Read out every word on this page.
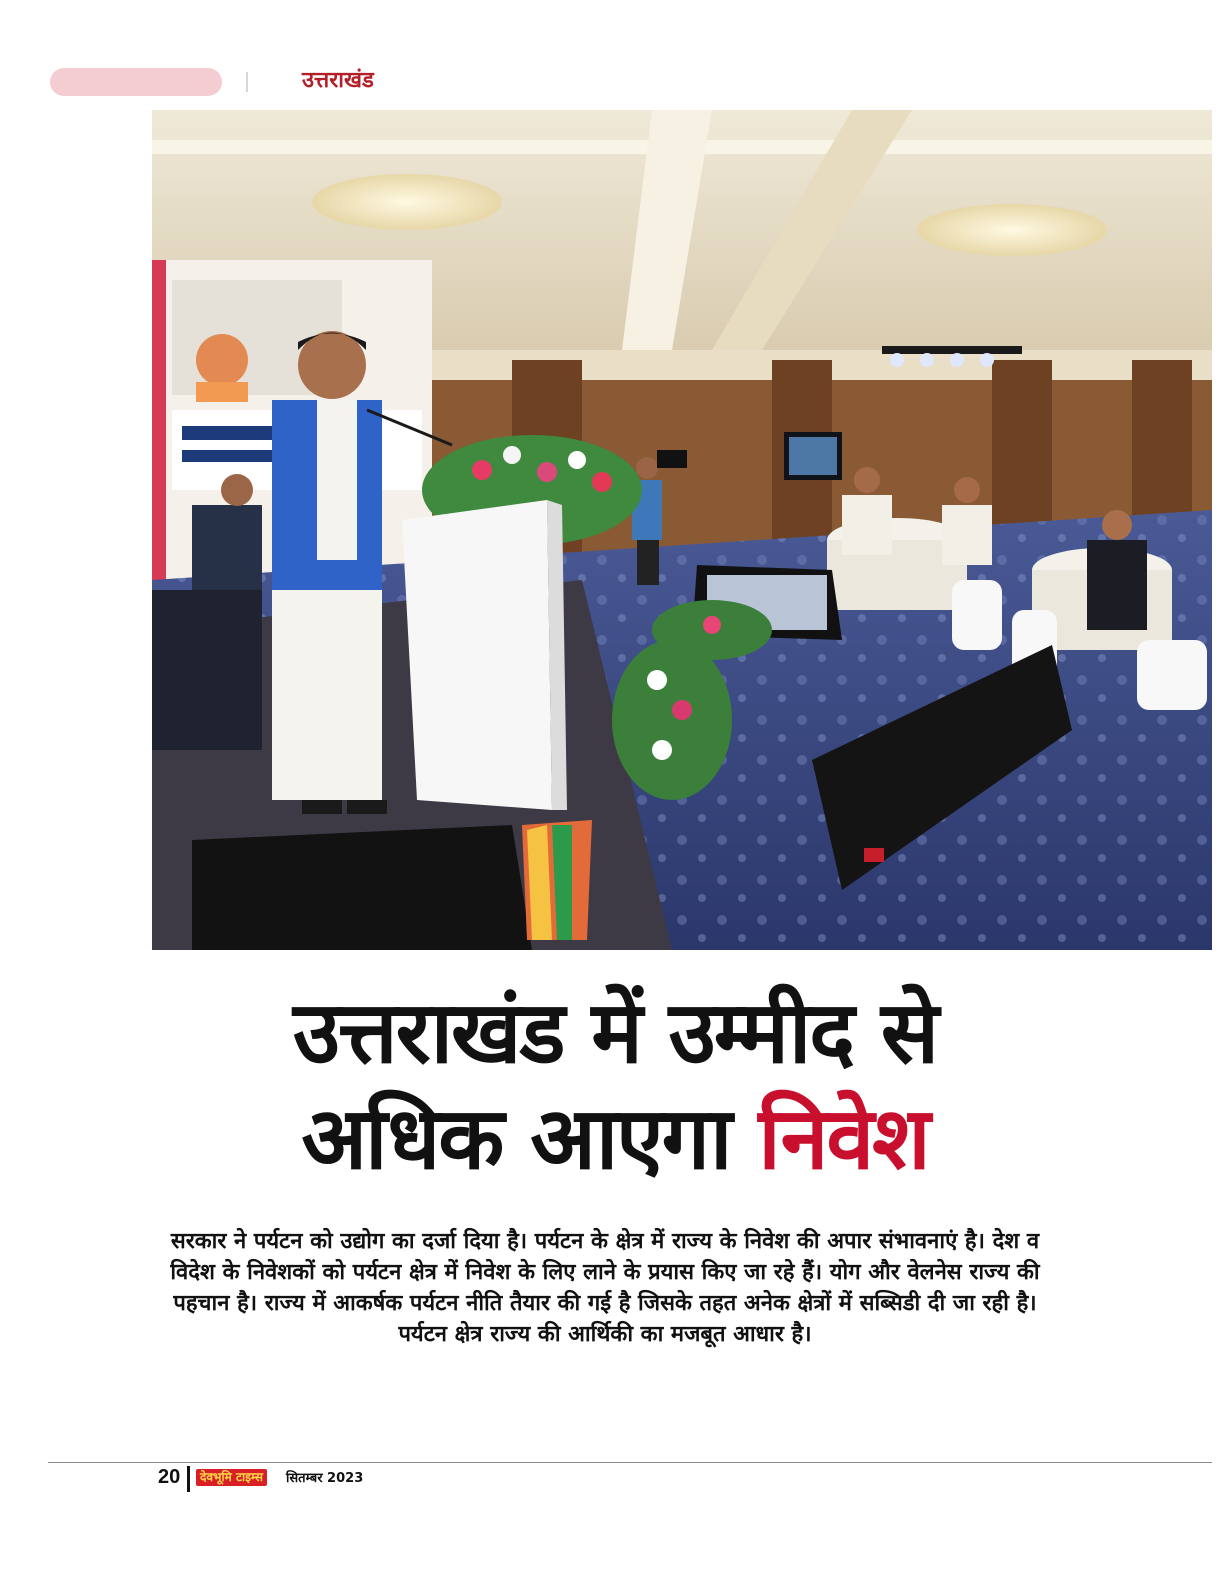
उत्तराखंड
उत्तराखंड में उम्मीद से
अधिक आएगा निवेश
सरकार ने पर्यटन को उद्योग का दर्जा दिया है। पर्यटन के क्षेत्र में राज्य के निवेश की अपार संभावनाएं है। देश व विदेश के निवेशकों को पर्यटन क्षेत्र में निवेश के लिए लाने के प्रयास किए जा रहे हैं। योग और वेलनेस राज्य की पहचान है। राज्य में आकर्षक पर्यटन नीति तैयार की गई है जिसके तहत अनेक क्षेत्रों में सब्सिडी दी जा रही है। पर्यटन क्षेत्र राज्य की आर्थिकी का मजबूत आधार है।
20	देवभूमि टाइम्स	सितम्बर 2023
